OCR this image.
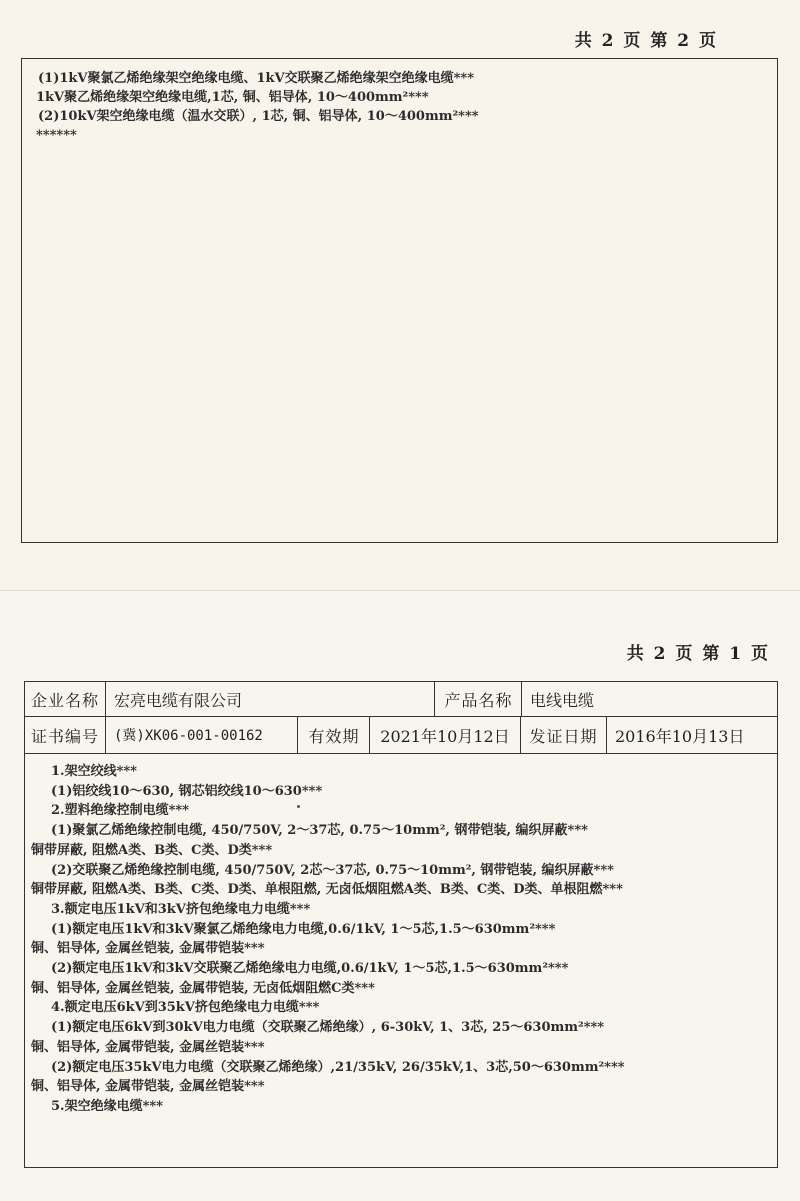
共 2 页 第 2 页
(1)1kV聚氯乙烯绝缘架空绝缘电缆、1kV交联聚乙烯绝缘架空绝缘电缆***
1kV聚乙烯绝缘架空绝缘电缆,1芯, 铜、铝导体, 10～400mm²***
(2)10kV架空绝缘电缆（温水交联）, 1芯, 铜、铝导体, 10～400mm²***
******
共 2 页 第 1 页
企业名称 宏亮电缆有限公司	产品名称	电线电缆
证书编号	(冀)XK06-001-00162	有效期	2021年10月12日	发证日期	2016年10月13日
1.架空绞线***
(1)铝绞线10～630, 钢芯铝绞线10～630***
2.塑料绝缘控制电缆***
(1)聚氯乙烯绝缘控制电缆, 450/750V, 2～37芯, 0.75～10mm², 钢带铠装, 编织屏蔽***
铜带屏蔽, 阻燃A类、B类、C类、D类***
(2)交联聚乙烯绝缘控制电缆, 450/750V, 2芯～37芯, 0.75～10mm², 钢带铠装, 编织屏蔽***
铜带屏蔽, 阻燃A类、B类、C类、D类、单根阻燃, 无卤低烟阻燃A类、B类、C类、D类、单根阻燃***
3.额定电压1kV和3kV挤包绝缘电力电缆***
(1)额定电压1kV和3kV聚氯乙烯绝缘电力电缆,0.6/1kV, 1～5芯,1.5～630mm²***
铜、铝导体, 金属丝铠装, 金属带铠装***
(2)额定电压1kV和3kV交联聚乙烯绝缘电力电缆,0.6/1kV, 1～5芯,1.5～630mm²***
铜、铝导体, 金属丝铠装, 金属带铠装, 无卤低烟阻燃C类***
4.额定电压6kV到35kV挤包绝缘电力电缆***
(1)额定电压6kV到30kV电力电缆（交联聚乙烯绝缘）, 6-30kV, 1、3芯, 25～630mm²***
铜、铝导体, 金属带铠装, 金属丝铠装***
(2)额定电压35kV电力电缆（交联聚乙烯绝缘）,21/35kV, 26/35kV,1、3芯,50～630mm²***
铜、铝导体, 金属带铠装, 金属丝铠装***
5.架空绝缘电缆***
